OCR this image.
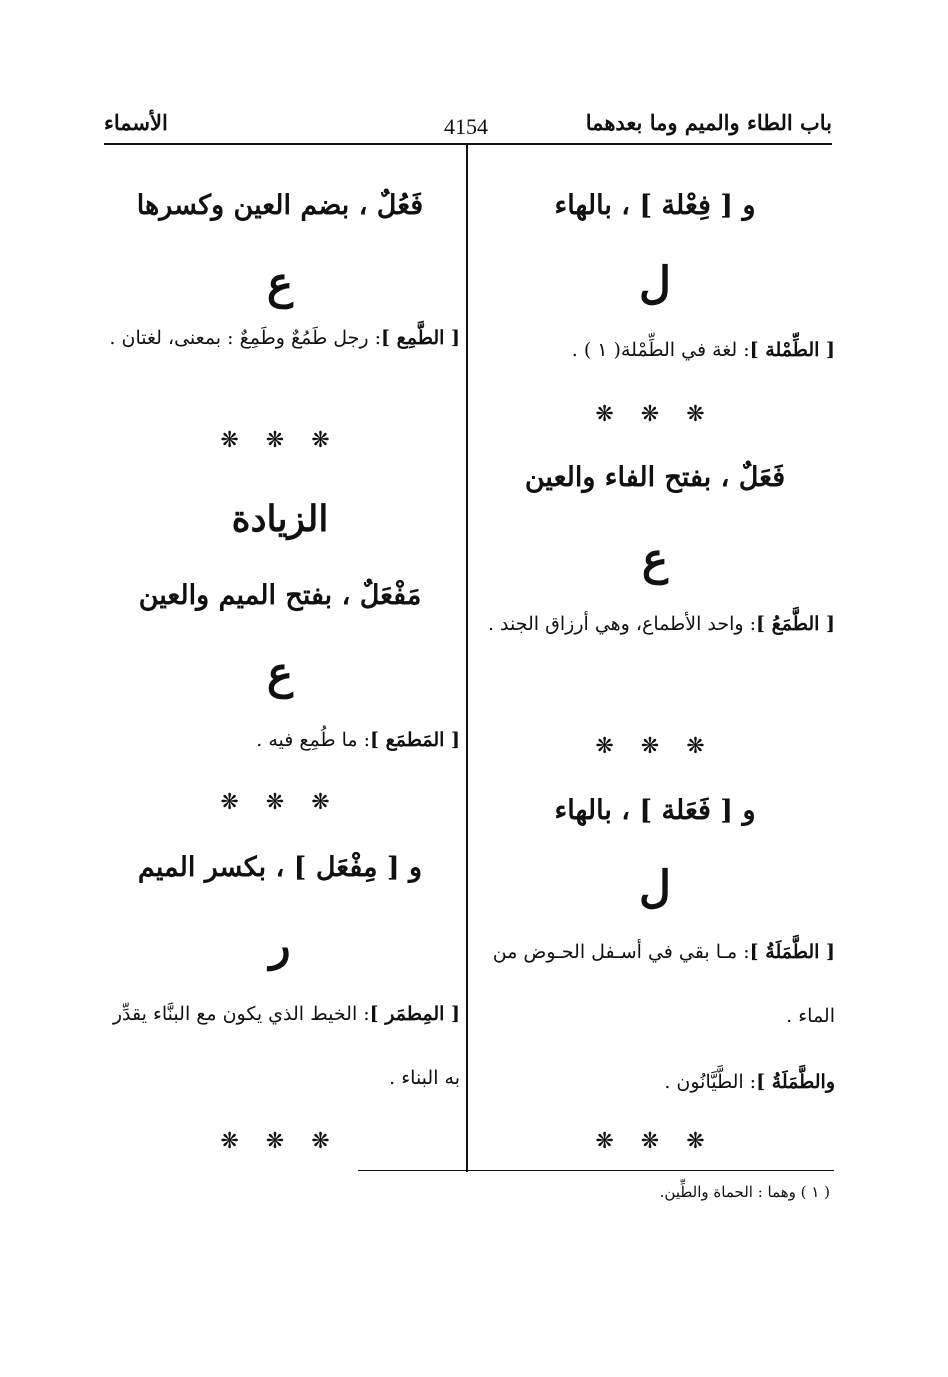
باب الطاء والميم وما بعدهما
4154
الأسماء
و [ فِعْلة ] ، بالهاء
ل
[ الطِّمْلة ]: لغة في الطِّمْلة( ١ ) .
❋ ❋ ❋
فَعَلٌ ، بفتح الفاء والعين
ع
[ الطَّمَعُ ]: واحد الأطماع، وهي أرزاق الجند .
❋ ❋ ❋
و [ فَعَلة ] ، بالهاء
ل
[ الطَّمَلَةُ ]: مـا بقي في أسـفل الحـوض من الماء .
والطَّمَلَةُ ]: الطَّيَّانُون .
❋ ❋ ❋
فَعُلٌ ، بضم العين وكسرها
ع
[ الطَّمِع ]: رجل طَمُعٌ وطَمِعٌ : بمعنى، لغتان .
❋ ❋ ❋
الزيادة
مَفْعَلٌ ، بفتح الميم والعين
ع
[ المَطمَع ]: ما طُمِع فيه .
❋ ❋ ❋
و [ مِفْعَل ] ، بكسر الميم
ر
[ المِطمَر ]: الخيط الذي يكون مع البنَّاء يقدِّر به البناء .
❋ ❋ ❋
( ١ ) وهما : الحماة والطِّين.
